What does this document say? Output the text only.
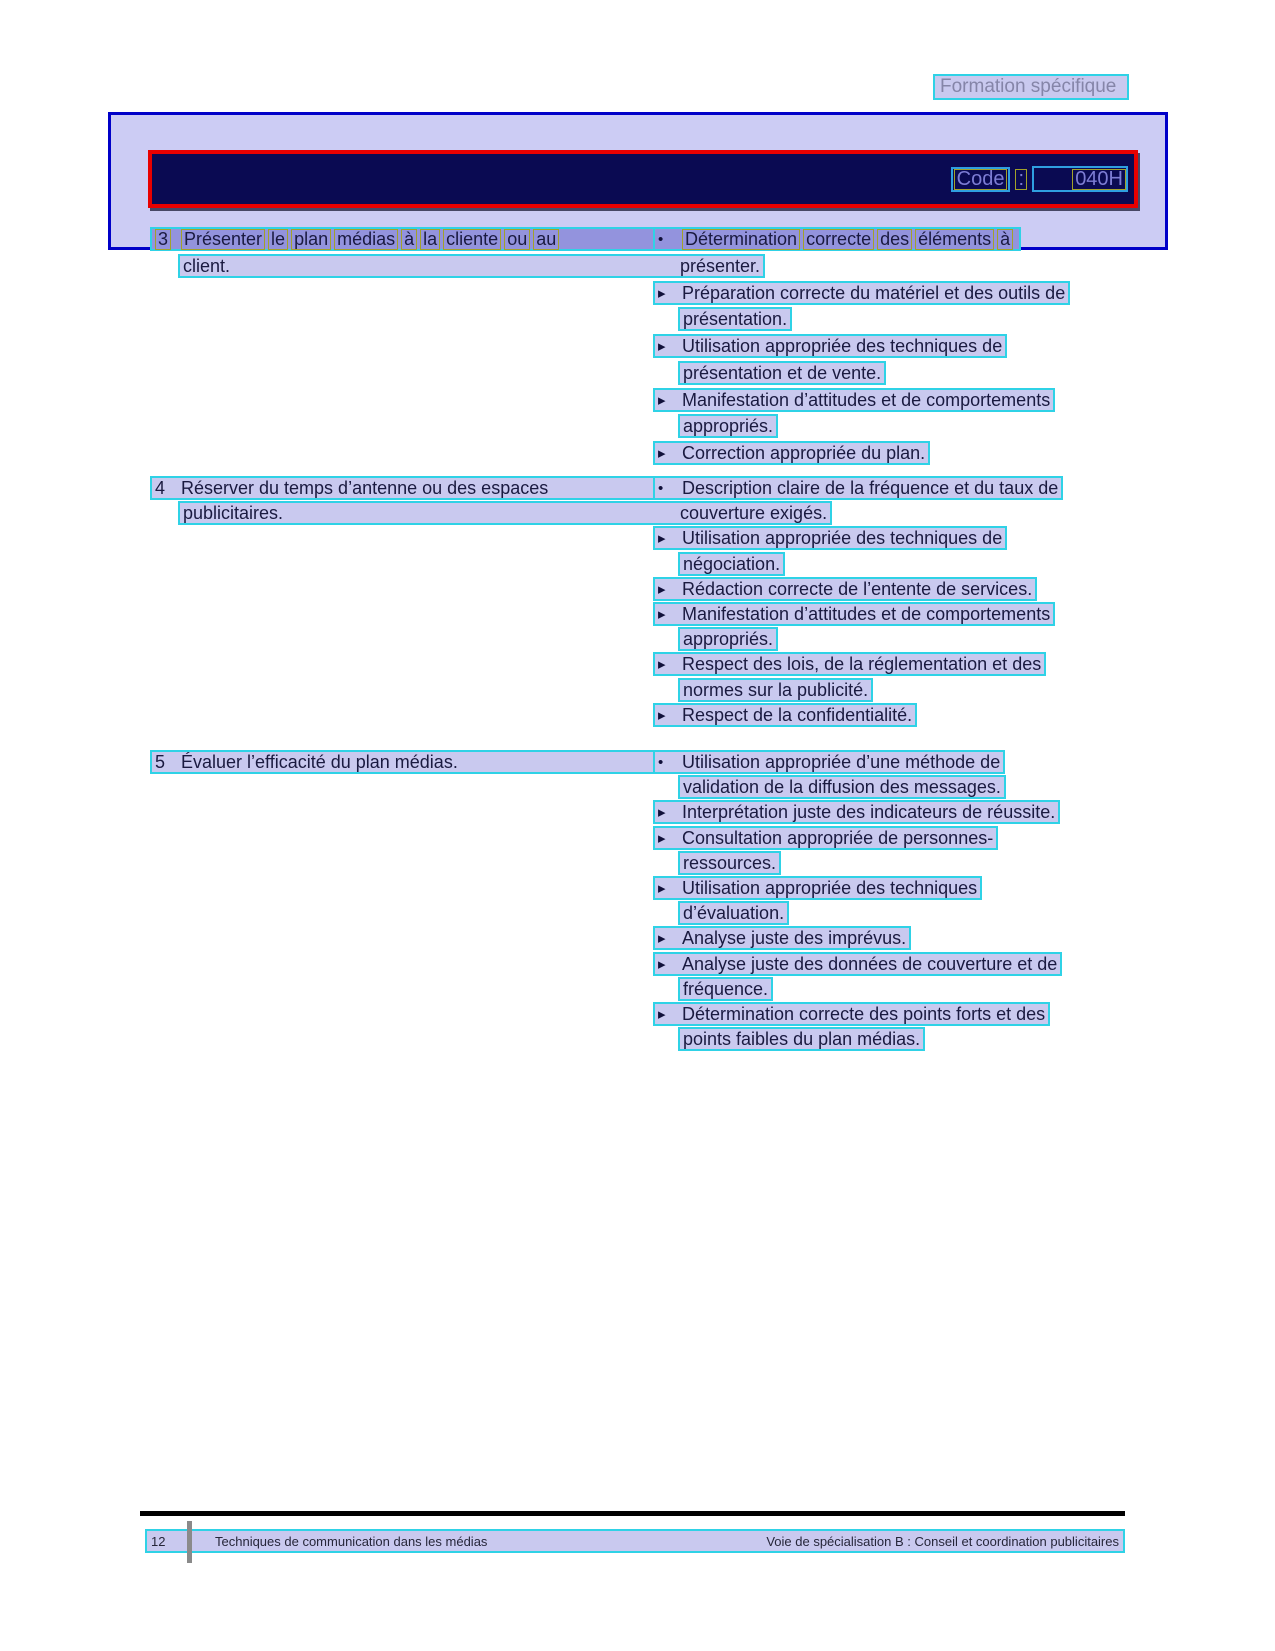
Formation spécifique
Code :	040H
3 Présenter le plan médias à la cliente ou au	•	Détermination correcte des éléments à
client.	présenter.
▸ Préparation correcte du matériel et des outils de
présentation.
▸ Utilisation appropriée des techniques de
présentation et de vente.
▸ Manifestation d’attitudes et de comportements
appropriés.
▸ Correction appropriée du plan.
4 Réserver du temps d’antenne ou des espaces	•	Description claire de la fréquence et du taux de
publicitaires.	couverture exigés.
▸ Utilisation appropriée des techniques de
négociation.
▸ Rédaction correcte de l’entente de services.
▸ Manifestation d’attitudes et de comportements
appropriés.
▸ Respect des lois, de la réglementation et des
normes sur la publicité.
▸ Respect de la confidentialité.
5 Évaluer l’efficacité du plan médias.	•	Utilisation appropriée d’une méthode de
validation de la diffusion des messages.
▸ Interprétation juste des indicateurs de réussite.
▸ Consultation appropriée de personnes-
ressources.
▸ Utilisation appropriée des techniques
d’évaluation.
▸ Analyse juste des imprévus.
▸ Analyse juste des données de couverture et de
fréquence.
▸ Détermination correcte des points forts et des
points faibles du plan médias.
12	Techniques de communication dans les médias	Voie de spécialisation B : Conseil et coordination publicitaires
